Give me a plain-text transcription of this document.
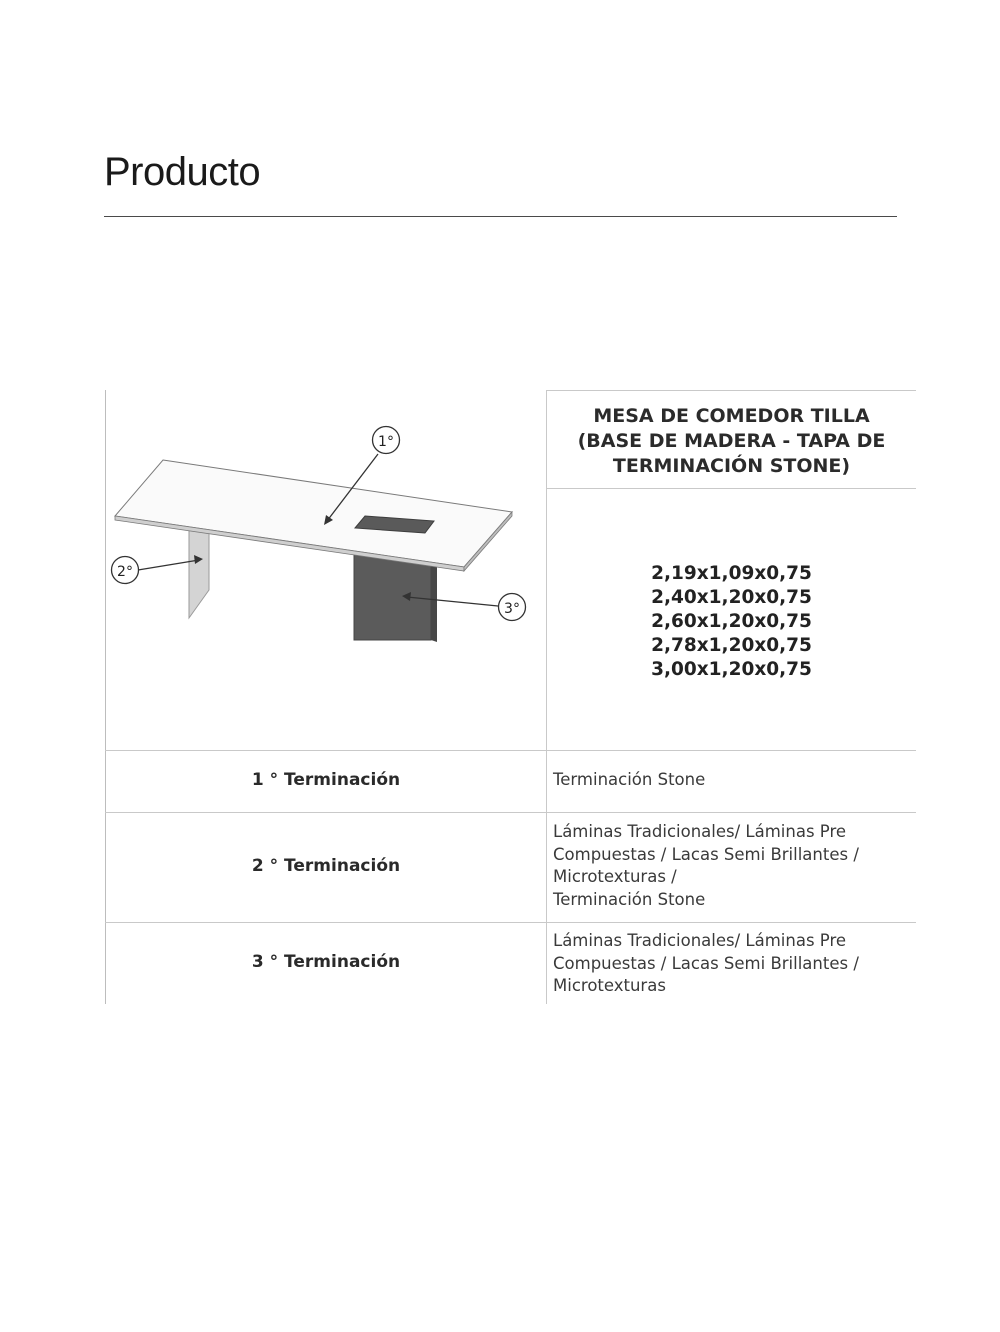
Producto
1°
2°
3°

MESA DE COMEDOR TILLA
(BASE DE MADERA - TAPA DE
TERMINACIÓN STONE)

2,19x1,09x0,75
2,40x1,20x0,75
2,60x1,20x0,75
2,78x1,20x0,75
3,00x1,20x0,75

1 ° Terminación	Terminación Stone

2 ° Terminación

Láminas Tradicionales/ Láminas Pre
Compuestas / Lacas Semi Brillantes /
Microtexturas /
Terminación Stone

3 ° Terminación

Láminas Tradicionales/ Láminas Pre
Compuestas / Lacas Semi Brillantes /
Microtexturas
